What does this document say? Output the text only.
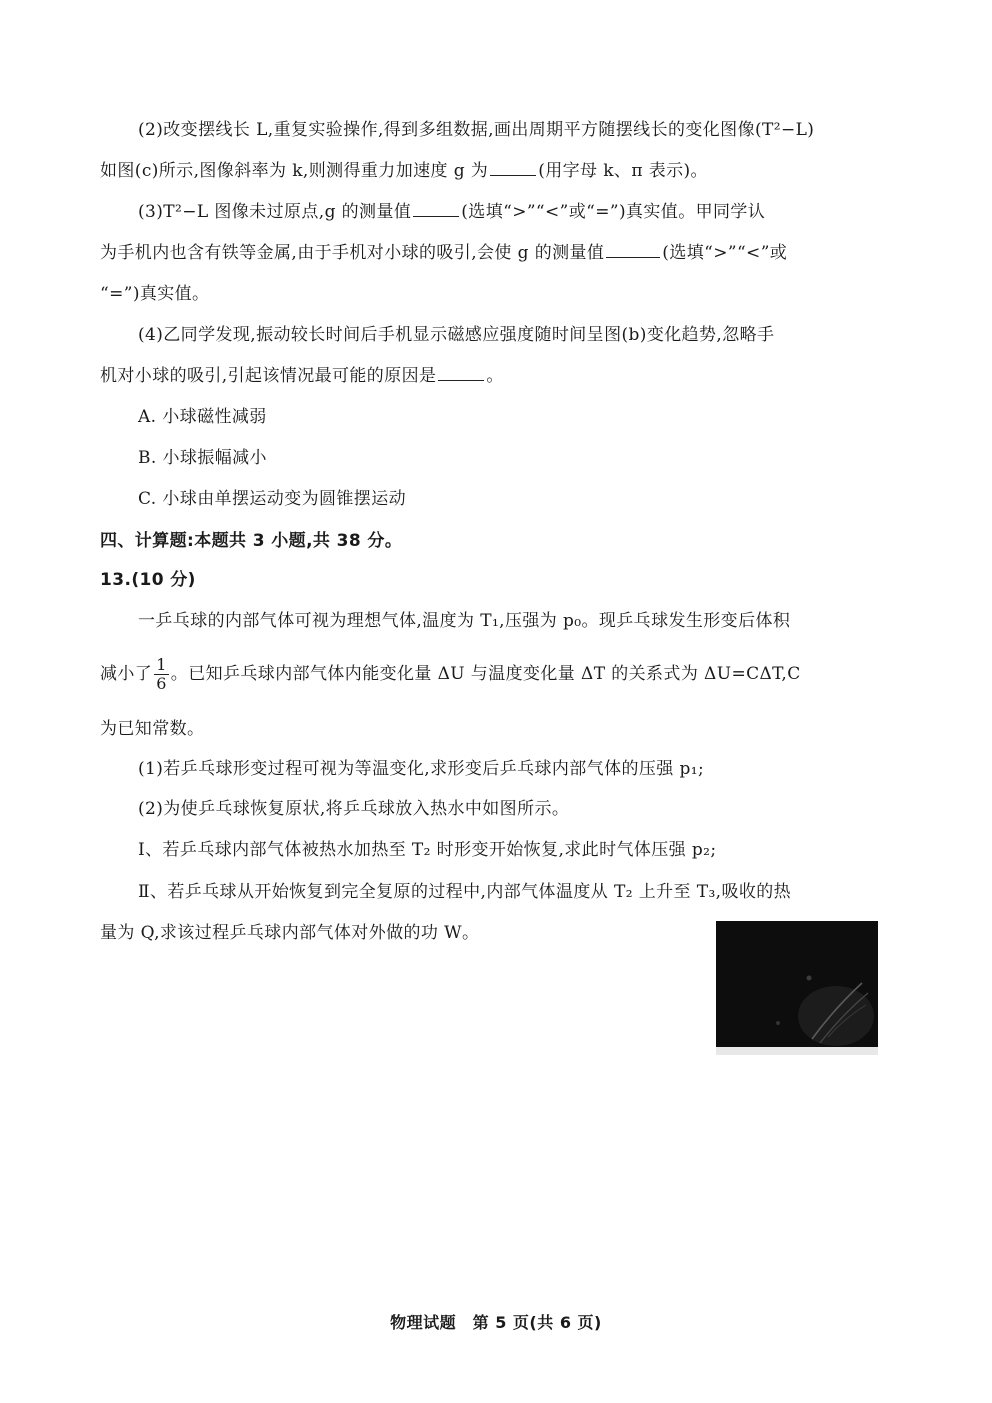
(2)改变摆线长 L,重复实验操作,得到多组数据,画出周期平方随摆线长的变化图像(T²−L)
如图(c)所示,图像斜率为 k,则测得重力加速度 g 为	(用字母 k、π 表示)。
(3)T²−L 图像未过原点,g 的测量值	(选填“>”“<”或“=”)真实值。甲同学认
为手机内也含有铁等金属,由于手机对小球的吸引,会使 g 的测量值	(选填“>”“<”或
“=”)真实值。
(4)乙同学发现,振动较长时间后手机显示磁感应强度随时间呈图(b)变化趋势,忽略手
机对小球的吸引,引起该情况最可能的原因是	。
A. 小球磁性减弱
B. 小球振幅减小
C. 小球由单摆运动变为圆锥摆运动
四、计算题:本题共 3 小题,共 38 分。
13.(10 分)
一乒乓球的内部气体可视为理想气体,温度为 T₁,压强为 p₀。现乒乓球发生形变后体积
减小了 $\frac{1}{6}$ 。已知乒乓球内部气体内能变化量 ΔU 与温度变化量 ΔT 的关系式为 ΔU=CΔT,C
为已知常数。
(1)若乒乓球形变过程可视为等温变化,求形变后乒乓球内部气体的压强 p₁;
(2)为使乒乓球恢复原状,将乒乓球放入热水中如图所示。
Ⅰ、若乒乓球内部气体被热水加热至 T₂ 时形变开始恢复,求此时气体压强 p₂;
Ⅱ、若乒乓球从开始恢复到完全复原的过程中,内部气体温度从 T₂ 上升至 T₃,吸收的热
量为 Q,求该过程乒乓球内部气体对外做的功 W。
物理试题　第 5 页(共 6 页)
